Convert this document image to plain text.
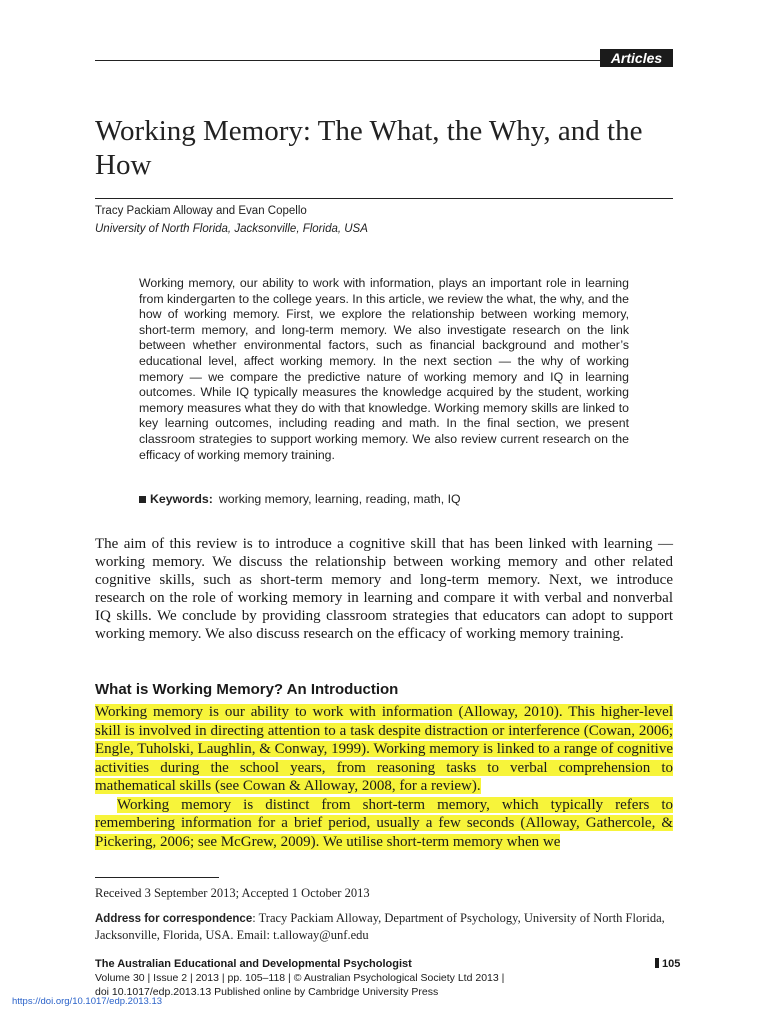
Articles
Working Memory: The What, the Why, and the How
Tracy Packiam Alloway and Evan Copello
University of North Florida, Jacksonville, Florida, USA
Working memory, our ability to work with information, plays an important role in learning from kindergarten to the college years. In this article, we review the what, the why, and the how of working memory. First, we explore the relationship between working memory, short-term memory, and long-term memory. We also investigate research on the link between whether environmental factors, such as financial background and mother’s educational level, affect working memory. In the next section — the why of working memory — we compare the predictive nature of working memory and IQ in learning outcomes. While IQ typically measures the knowledge acquired by the student, working memory measures what they do with that knowledge. Working memory skills are linked to key learning outcomes, including reading and math. In the final section, we present classroom strategies to support working memory. We also review current research on the efficacy of working memory training.
Keywords: working memory, learning, reading, math, IQ
The aim of this review is to introduce a cognitive skill that has been linked with learning — working memory. We discuss the relationship between working memory and other related cognitive skills, such as short-term memory and long-term memory. Next, we introduce research on the role of working memory in learning and compare it with verbal and nonverbal IQ skills. We conclude by providing classroom strategies that educators can adopt to support working memory. We also discuss research on the efficacy of working memory training.
What is Working Memory? An Introduction

Working memory is our ability to work with information (Alloway, 2010). This higher-level skill is involved in directing attention to a task despite distraction or interference (Cowan, 2006; Engle, Tuholski, Laughlin, & Conway, 1999). Working memory is linked to a range of cognitive activities during the school years, from reasoning tasks to verbal comprehension to mathematical skills (see Cowan & Alloway, 2008, for a review).

Working memory is distinct from short-term memory, which typically refers to remembering information for a brief period, usually a few seconds (Alloway, Gathercole, & Pickering, 2006; see McGrew, 2009). We utilise short-term memory when we

Received 3 September 2013; Accepted 1 October 2013
Address for correspondence: Tracy Packiam Alloway, Department of Psychology, University of North Florida, Jacksonville, Florida, USA. Email: t.alloway@unf.edu
The Australian Educational and Developmental Psychologist	105
Volume 30 | Issue 2 | 2013 | pp. 105–118 | © Australian Psychological Society Ltd 2013 |
doi 10.1017/edp.2013.13 Published online by Cambridge University Press
https://doi.org/10.1017/edp.2013.13
